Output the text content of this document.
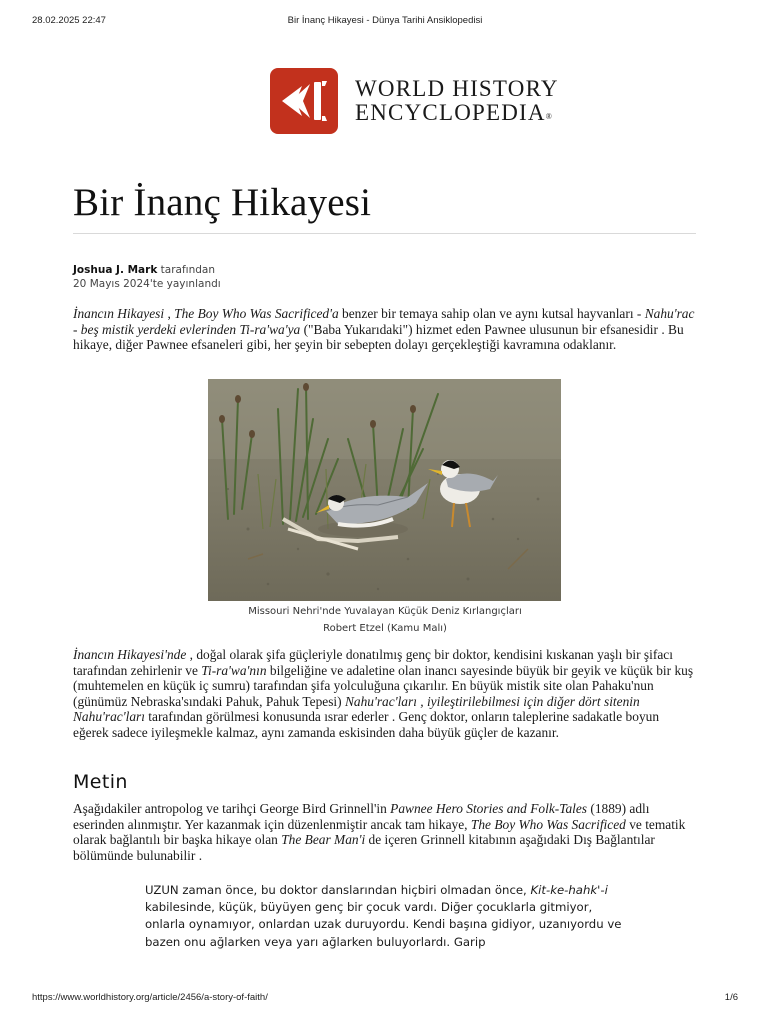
28.02.2025 22:47	Bir İnanç Hikayesi - Dünya Tarihi Ansiklopedisi
WORLD HISTORY
ENCYCLOPEDIA®
Bir İnanç Hikayesi
Joshua J. Mark tarafından
20 Mayıs 2024'te yayınlandı

İnancın Hikayesi , The Boy Who Was Sacrificed'a benzer bir temaya sahip olan ve aynı kutsal hayvanları - Nahu'rac - beş mistik yerdeki evlerinden Ti-ra'wa'ya ("Baba Yukarıdaki") hizmet eden Pawnee ulusunun bir efsanesidir . Bu hikaye, diğer Pawnee efsaneleri gibi, her şeyin bir sebepten dolayı gerçekleştiği kavramına odaklanır.

Missouri Nehri'nde Yuvalayan Küçük Deniz Kırlangıçları
Robert Etzel (Kamu Malı)

İnancın Hikayesi'nde , doğal olarak şifa güçleriyle donatılmış genç bir doktor, kendisini kıskanan yaşlı bir şifacı tarafından zehirlenir ve Ti-ra'wa'nın bilgeliğine ve adaletine olan inancı sayesinde büyük bir geyik ve küçük bir kuş (muhtemelen en küçük iç sumru) tarafından şifa yolculuğuna çıkarılır. En büyük mistik site olan Pahaku'nun (günümüz Nebraska'sındaki Pahuk, Pahuk Tepesi) Nahu'rac'ları , iyileştirilebilmesi için diğer dört sitenin Nahu'rac'ları tarafından görülmesi konusunda ısrar ederler . Genç doktor, onların taleplerine sadakatle boyun eğerek sadece iyileşmekle kalmaz, aynı zamanda eskisinden daha büyük güçler de kazanır.

Metin

Aşağıdakiler antropolog ve tarihçi George Bird Grinnell'in Pawnee Hero Stories and Folk-Tales (1889) adlı eserinden alınmıştır. Yer kazanmak için düzenlenmiştir ancak tam hikaye, The Boy Who Was Sacrificed ve tematik olarak bağlantılı bir başka hikaye olan The Bear Man'i de içeren Grinnell kitabının aşağıdaki Dış Bağlantılar bölümünde bulunabilir .

UZUN zaman önce, bu doktor danslarından hiçbiri olmadan önce, Kit-ke-hahk'-i kabilesinde, küçük, büyüyen genç bir çocuk vardı. Diğer çocuklarla gitmiyor, onlarla oynamıyor, onlardan uzak duruyordu. Kendi başına gidiyor, uzanıyordu ve bazen onu ağlarken veya yarı ağlarken buluyorlardı. Garip

https://www.worldhistory.org/article/2456/a-story-of-faith/	1/6
